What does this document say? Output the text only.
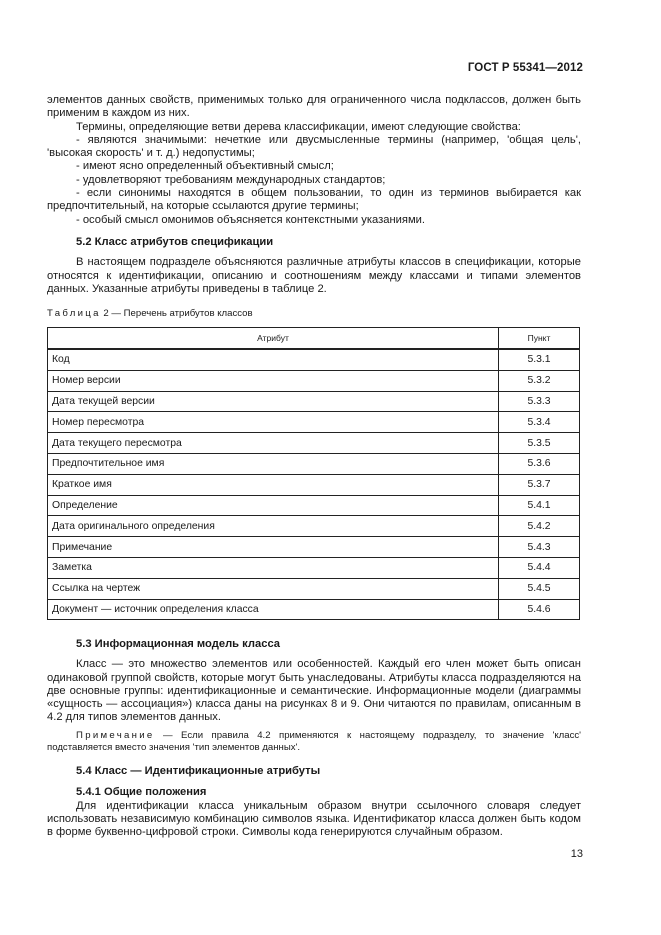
ГОСТ Р 55341—2012

элементов данных свойств, применимых только для ограниченного числа подклассов, должен быть применим в каждом из них.

Термины, определяющие ветви дерева классификации, имеют следующие свойства:

- являются значимыми: нечеткие или двусмысленные термины (например, 'общая цель', 'высокая скорость' и т. д.) недопустимы;

- имеют ясно определенный объективный смысл;

- удовлетворяют требованиям международных стандартов;

- если синонимы находятся в общем пользовании, то один из терминов выбирается как предпочтительный, на которые ссылаются другие термины;

- особый смысл омонимов объясняется контекстными указаниями.

5.2 Класс атрибутов спецификации

В настоящем подразделе объясняются различные атрибуты классов в спецификации, которые относятся к идентификации, описанию и соотношениям между классами и типами элементов данных. Указанные атрибуты приведены в таблице 2.

Таблица 2 — Перечень атрибутов классов
Атрибут	Пункт
Код	5.3.1
Номер версии	5.3.2
Дата текущей версии	5.3.3
Номер пересмотра	5.3.4
Дата текущего пересмотра	5.3.5
Предпочтительное имя	5.3.6
Краткое имя	5.3.7
Определение	5.4.1
Дата оригинального определения	5.4.2
Примечание	5.4.3
Заметка	5.4.4
Ссылка на чертеж	5.4.5
Документ — источник определения класса	5.4.6

5.3 Информационная модель класса

Класс — это множество элементов или особенностей. Каждый его член может быть описан одинаковой группой свойств, которые могут быть унаследованы. Атрибуты класса подразделяются на две основные группы: идентификационные и семантические. Информационные модели (диаграммы «сущность — ассоциация») класса даны на рисунках 8 и 9. Они читаются по правилам, описанным в 4.2 для типов элементов данных.

Примечание — Если правила 4.2 применяются к настоящему подразделу, то значение 'класс' подставляется вместо значения 'тип элементов данных'.

5.4 Класс — Идентификационные атрибуты

5.4.1 Общие положения

Для идентификации класса уникальным образом внутри ссылочного словаря следует использовать независимую комбинацию символов языка. Идентификатор класса должен быть кодом в форме буквенно-цифровой строки. Символы кода генерируются случайным образом.

13
